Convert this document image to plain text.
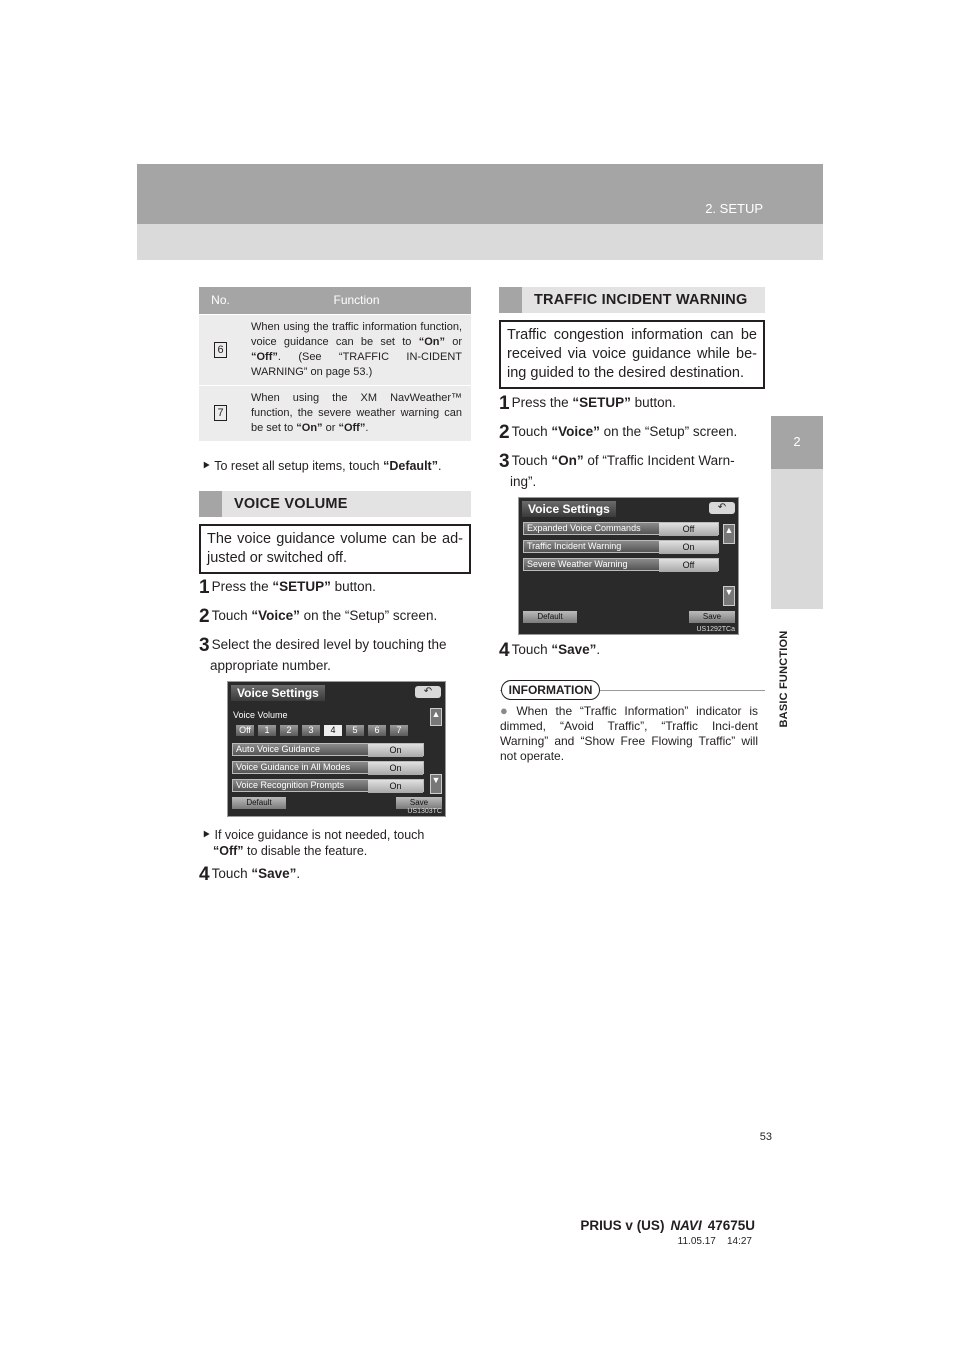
2. SETUP
2
BASIC FUNCTION
No.	Function
6	When using the traffic information function, voice guidance can be set to “On” or “Off”. (See “TRAFFIC IN-CIDENT WARNING” on page 53.)
7	When using the XM NavWeather™ function, the severe weather warning can be set to “On” or “Off”.
⯈ To reset all setup items, touch “Default”.
VOICE VOLUME
The voice guidance volume can be ad-justed or switched off.
1 Press the “SETUP” button.
2 Touch “Voice” on the “Setup” screen.
3 Select the desired level by touching the
appropriate number.
Voice Settings	↶
Voice Volume
Off	1	2	3	4	5	6	7
Auto Voice Guidance	On
Voice Guidance in All Modes	On
Voice Recognition Prompts	On
▲
▼
Default	Save
US1303TC
⯈ If voice guidance is not needed, touch
“Off” to disable the feature.
4 Touch “Save”.
TRAFFIC INCIDENT WARNING
Traffic congestion information can be received via voice guidance while be-ing guided to the desired destination.
1 Press the “SETUP” button.
2 Touch “Voice” on the “Setup” screen.
3 Touch “On” of “Traffic Incident Warn-
ing”.
Voice Settings	↶
Expanded Voice Commands	Off
Traffic Incident Warning	On
Severe Weather Warning	Off
▲
▼
Default	Save
US1292TCa
4 Touch “Save”.
INFORMATION
● When the “Traffic Information” indicator is dimmed, “Avoid Traffic”, “Traffic Inci-dent Warning” and “Show Free Flowing Traffic” will not operate.
53
PRIUS v (US) NAVI 47675U
11.05.17 14:27
